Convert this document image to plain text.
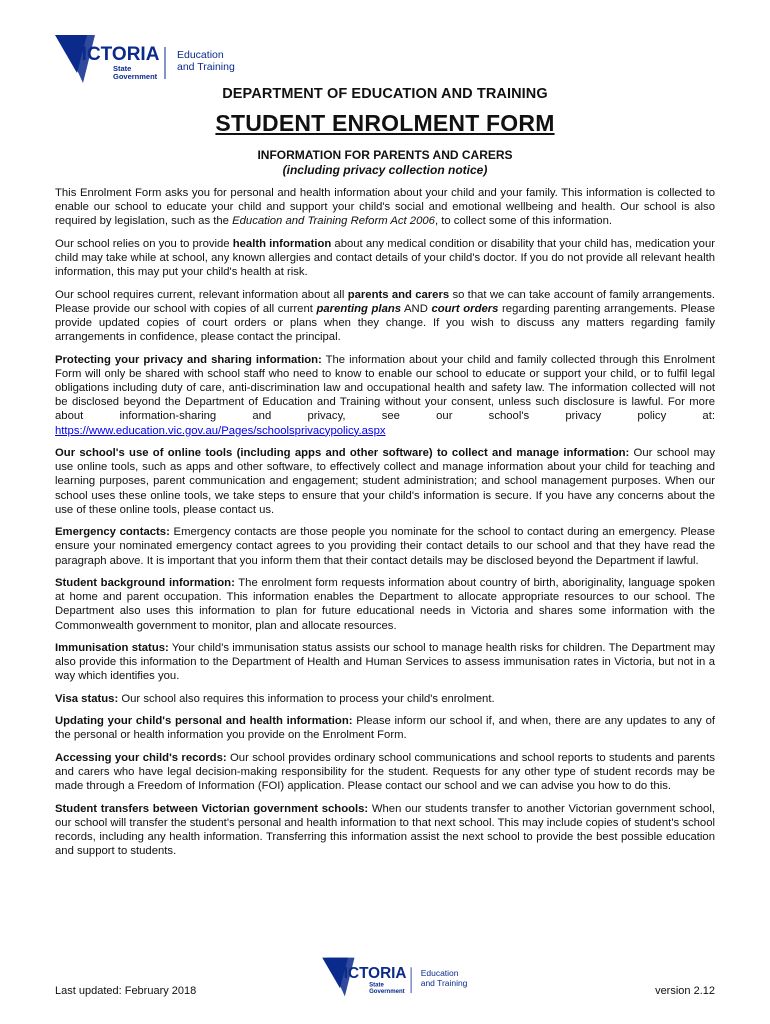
VICTORIA
State
Government
Education
and Training
DEPARTMENT OF EDUCATION AND TRAINING
STUDENT ENROLMENT FORM
INFORMATION FOR PARENTS AND CARERS
(including privacy collection notice)

This Enrolment Form asks you for personal and health information about your child and your family. This information is collected to enable our school to educate your child and support your child's social and emotional wellbeing and health. Our school is also required by legislation, such as the Education and Training Reform Act 2006, to collect some of this information.

Our school relies on you to provide health information about any medical condition or disability that your child has, medication your child may take while at school, any known allergies and contact details of your child's doctor. If you do not provide all relevant health information, this may put your child's health at risk.

Our school requires current, relevant information about all parents and carers so that we can take account of family arrangements. Please provide our school with copies of all current parenting plans AND court orders regarding parenting arrangements. Please provide updated copies of court orders or plans when they change. If you wish to discuss any matters regarding family arrangements in confidence, please contact the principal.

Protecting your privacy and sharing information: The information about your child and family collected through this Enrolment Form will only be shared with school staff who need to know to enable our school to educate or support your child, or to fulfil legal obligations including duty of care, anti-discrimination law and occupational health and safety law. The information collected will not be disclosed beyond the Department of Education and Training without your consent, unless such disclosure is lawful. For more about information-sharing and privacy, see our school's privacy policy at: https://www.education.vic.gov.au/Pages/schoolsprivacypolicy.aspx

Our school's use of online tools (including apps and other software) to collect and manage information: Our school may use online tools, such as apps and other software, to effectively collect and manage information about your child for teaching and learning purposes, parent communication and engagement; student administration; and school management purposes. When our school uses these online tools, we take steps to ensure that your child's information is secure. If you have any concerns about the use of these online tools, please contact us.

Emergency contacts: Emergency contacts are those people you nominate for the school to contact during an emergency. Please ensure your nominated emergency contact agrees to you providing their contact details to our school and that they have read the paragraph above. It is important that you inform them that their contact details may be disclosed beyond the Department if lawful.

Student background information: The enrolment form requests information about country of birth, aboriginality, language spoken at home and parent occupation. This information enables the Department to allocate appropriate resources to our school. The Department also uses this information to plan for future educational needs in Victoria and shares some information with the Commonwealth government to monitor, plan and allocate resources.

Immunisation status: Your child's immunisation status assists our school to manage health risks for children. The Department may also provide this information to the Department of Health and Human Services to assess immunisation rates in Victoria, but not in a way which identifies you.

Visa status: Our school also requires this information to process your child's enrolment.

Updating your child's personal and health information: Please inform our school if, and when, there are any updates to any of the personal or health information you provide on the Enrolment Form.

Accessing your child's records: Our school provides ordinary school communications and school reports to students and parents and carers who have legal decision-making responsibility for the student. Requests for any other type of student records may be made through a Freedom of Information (FOI) application. Please contact our school and we can advise you how to do this.

Student transfers between Victorian government schools: When our students transfer to another Victorian government school, our school will transfer the student's personal and health information to that next school. This may include copies of student's school records, including any health information. Transferring this information assist the next school to provide the best possible education and support to students.

VICTORIA
State
Government
Education
and Training
Last updated: February 2018	version 2.12
